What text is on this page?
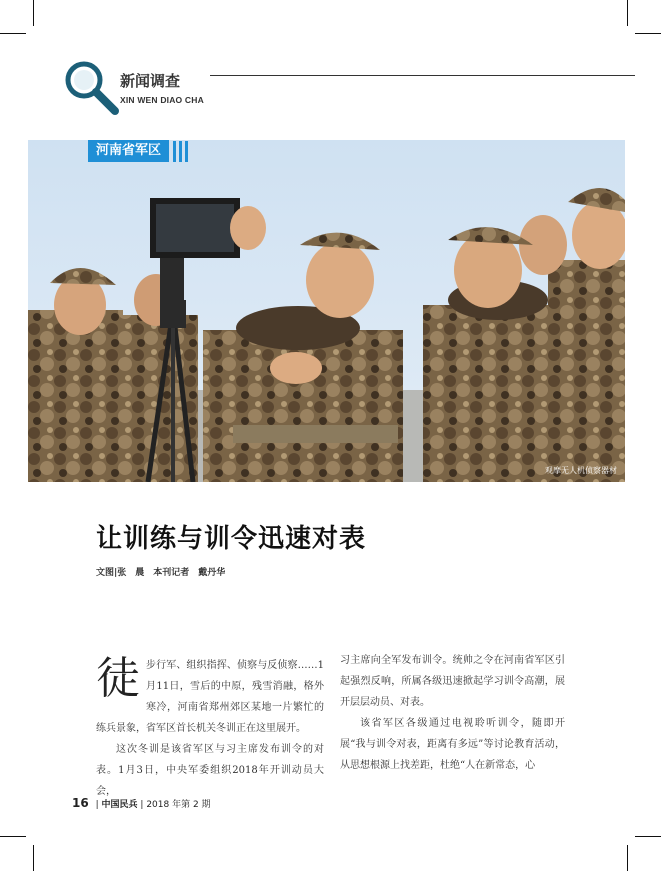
新闻调查
XIN WEN DIAO CHA
河南省军区
观摩无人机侦察器材
让训练与训令迅速对表
文图|张　晨　本刊记者　戴丹华

徒步行军、组织指挥、侦察与反侦察……1月11日，雪后的中原，残雪消融，格外寒冷，河南省郑州郊区某地一片繁忙的练兵景象，省军区首长机关冬训正在这里展开。

这次冬训是该省军区与习主席发布训令的对表。1月3日，中央军委组织2018年开训动员大会，

习主席向全军发布训令。统帅之令在河南省军区引起强烈反响，所属各级迅速掀起学习训令高潮，展开层层动员、对表。

该省军区各级通过电视聆听训令，随即开展“我与训令对表，距离有多远”等讨论教育活动，从思想根源上找差距，杜绝“人在新常态，心

16 | 中国民兵 | 2018 年第 2 期
